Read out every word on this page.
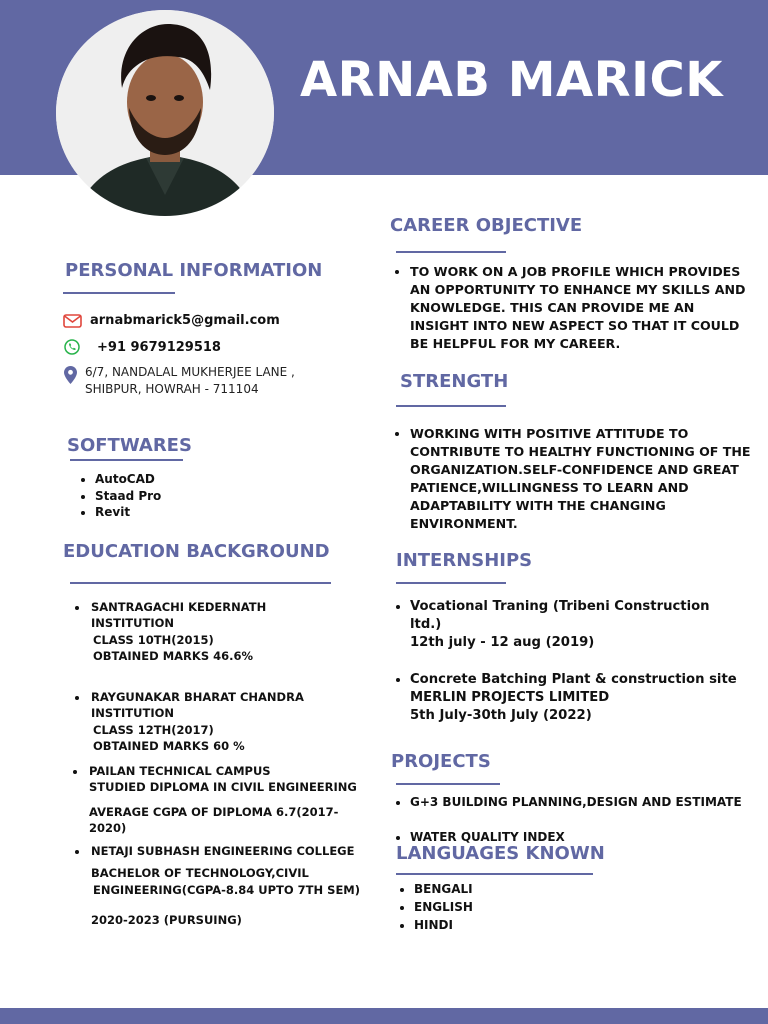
ARNAB MARICK
PERSONAL INFORMATION
arnabmarick5@gmail.com
+91 9679129518
6/7, NANDALAL MUKHERJEE LANE ,
SHIBPUR, HOWRAH - 711104
SOFTWARES
• AutoCAD
• Staad Pro
• Revit
EDUCATION BACKGROUND
• SANTRAGACHI KEDERNATH
INSTITUTION
CLASS 10TH(2015)
OBTAINED MARKS 46.6%
• RAYGUNAKAR BHARAT CHANDRA
INSTITUTION
CLASS 12TH(2017)
OBTAINED MARKS 60 %
• PAILAN TECHNICAL CAMPUS
STUDIED DIPLOMA IN CIVIL ENGINEERING
AVERAGE CGPA OF DIPLOMA 6.7(2017-
2020)
• NETAJI SUBHASH ENGINEERING COLLEGE
BACHELOR OF TECHNOLOGY,CIVIL
ENGINEERING(CGPA-8.84 UPTO 7TH SEM)
2020-2023 (PURSUING)
CAREER OBJECTIVE
• TO WORK ON A JOB PROFILE WHICH PROVIDES AN OPPORTUNITY TO ENHANCE MY SKILLS AND KNOWLEDGE. THIS CAN PROVIDE ME AN INSIGHT INTO NEW ASPECT SO THAT IT COULD BE HELPFUL FOR MY CAREER.
STRENGTH
• WORKING WITH POSITIVE ATTITUDE TO CONTRIBUTE TO HEALTHY FUNCTIONING OF THE ORGANIZATION.SELF-CONFIDENCE AND GREAT PATIENCE,WILLINGNESS TO LEARN AND ADAPTABILITY WITH THE CHANGING ENVIRONMENT.
INTERNSHIPS
• Vocational Traning (Tribeni Construction ltd.)
12th july - 12 aug (2019)
• Concrete Batching Plant & construction site
MERLIN PROJECTS LIMITED
5th July-30th July (2022)
PROJECTS
• G+3 BUILDING PLANNING,DESIGN AND ESTIMATE
• WATER QUALITY INDEX
LANGUAGES KNOWN
• BENGALI
• ENGLISH
• HINDI
